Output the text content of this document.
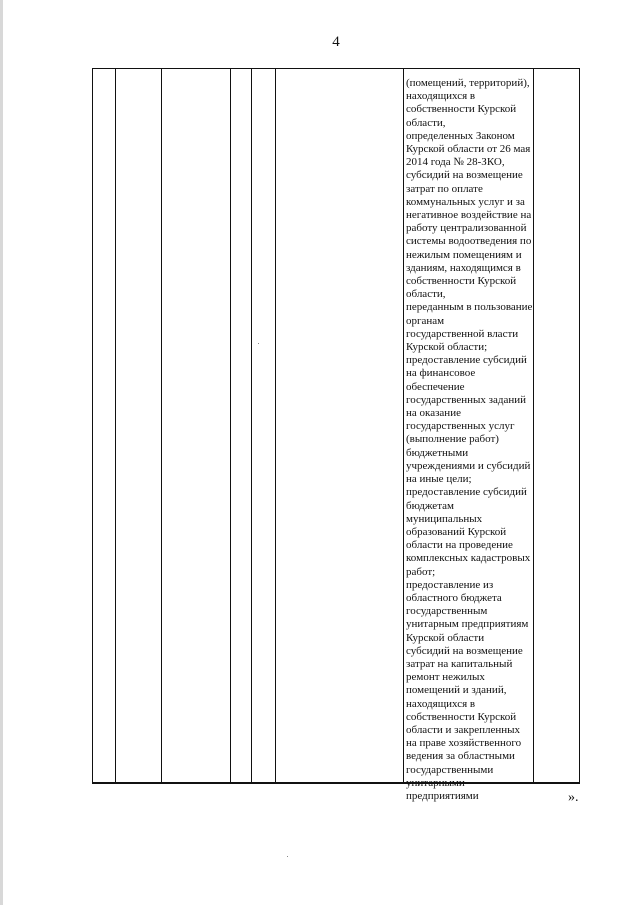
4
(помещений, территорий),
находящихся в
собственности Курской
области,
определенных Законом
Курской области от 26 мая
2014 года № 28-ЗКО,
субсидий на возмещение
затрат по оплате
коммунальных услуг и за
негативное воздействие на
работу централизованной
системы водоотведения по
нежилым помещениям и
зданиям, находящимся в
собственности Курской
области,
переданным в пользование
органам
государственной власти
Курской области;
предоставление субсидий
на финансовое
обеспечение
государственных заданий
на оказание
государственных услуг
(выполнение работ)
бюджетными
учреждениями и субсидий
на иные цели;
предоставление субсидий
бюджетам
муниципальных
образований Курской
области на проведение
комплексных кадастровых
работ;
предоставление из
областного бюджета
государственным
унитарным предприятиям
Курской области
субсидий на возмещение
затрат на капитальный
ремонт нежилых
помещений и зданий,
находящихся в
собственности Курской
области и закрепленных
на праве хозяйственного
ведения за областными
государственными
унитарными
предприятиями	».
